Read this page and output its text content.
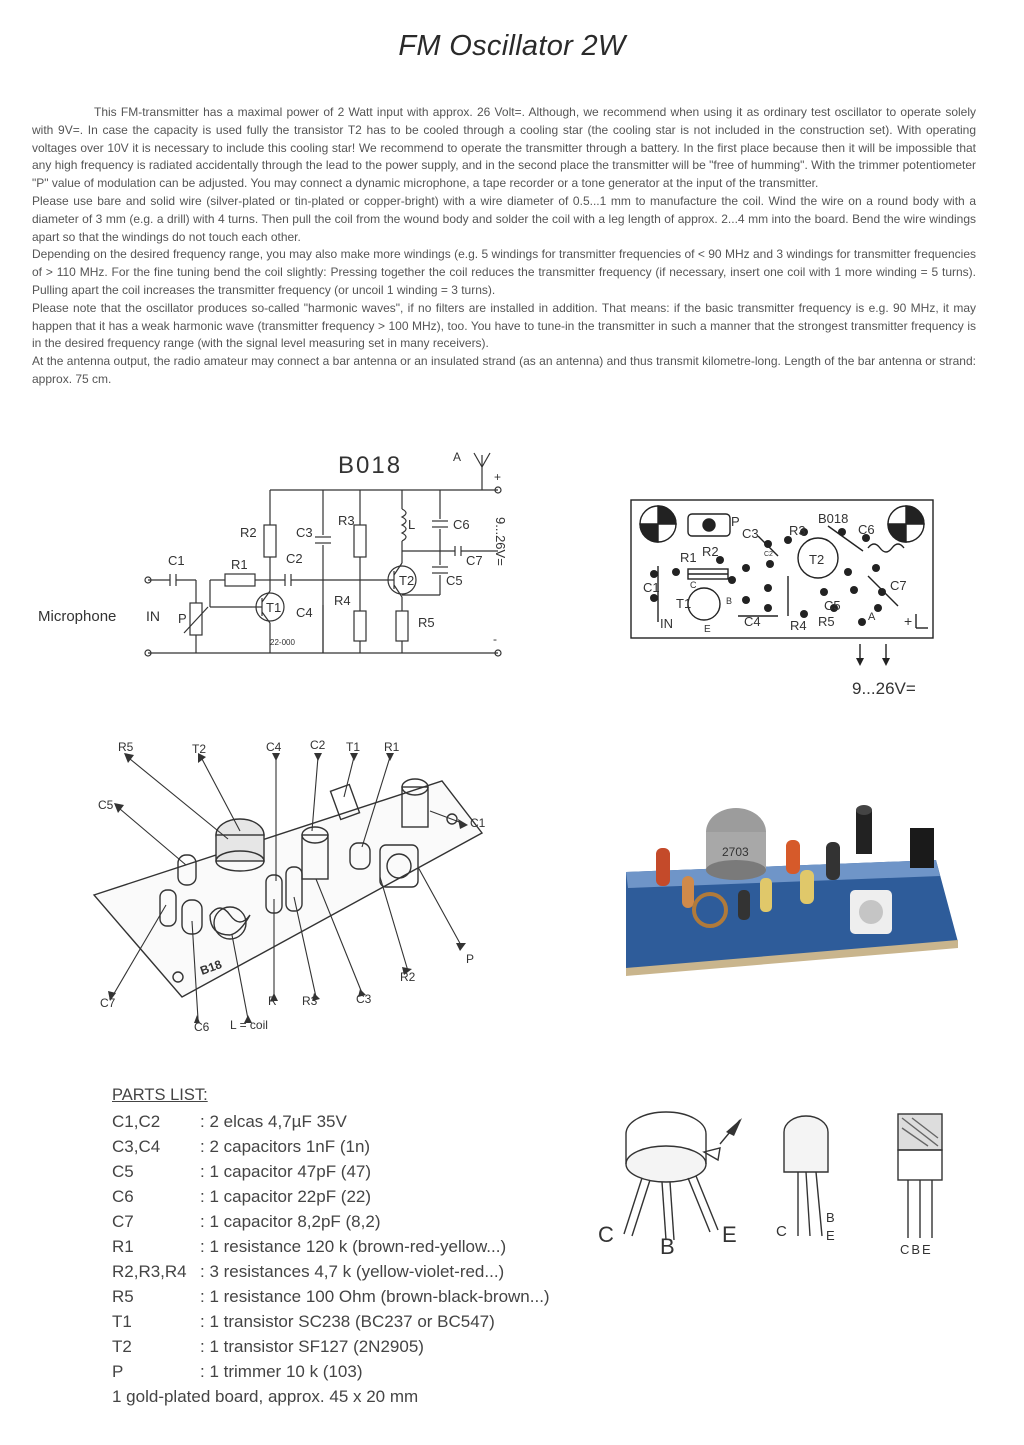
FM Oscillator 2W

This FM-transmitter has a maximal power of 2 Watt input with approx. 26 Volt=. Although, we recommend when using it as ordinary test oscillator to operate solely with 9V=. In case the capacity is used fully the transistor T2 has to be cooled through a cooling star (the cooling star is not included in the construction set). With operating voltages over 10V it is necessary to include this cooling star! We recommend to operate the transmitter through a battery. In the first place because then it will be impossible that any high frequency is radiated accidentally through the lead to the power supply, and in the second place the transmitter will be "free of humming". With the trimmer potentiometer "P" value of modulation can be adjusted. You may connect a dynamic microphone, a tape recorder or a tone generator at the input of the transmitter.

Please use bare and solid wire (silver-plated or tin-plated or copper-bright) with a wire diameter of 0.5...1 mm to manufacture the coil. Wind the wire on a round body with a diameter of 3 mm (e.g. a drill) with 4 turns. Then pull the coil from the wound body and solder the coil with a leg length of approx. 2...4 mm into the board. Bend the wire windings apart so that the windings do not touch each other.

Depending on the desired frequency range, you may also make more windings (e.g. 5 windings for transmitter frequencies of < 90 MHz and 3 windings for transmitter frequencies of > 110 MHz. For the fine tuning bend the coil slightly: Pressing together the coil reduces the transmitter frequency (if necessary, insert one coil with 1 more winding = 5 turns). Pulling apart the coil increases the transmitter frequency (or uncoil 1 winding = 3 turns).

Please note that the oscillator produces so-called "harmonic waves", if no filters are installed in addition. That means: if the basic transmitter frequency is e.g. 90 MHz, it may happen that it has a weak harmonic wave (transmitter frequency > 100 MHz), too. You have to tune-in the transmitter in such a manner that the strongest transmitter frequency is in the desired frequency range (with the signal level measuring set in many receivers).

At the antenna output, the radio amateur may connect a bar antenna or an insulated strand (as an antenna) and thus transmit kilometre-long. Length of the bar antenna or strand: approx. 75 cm.

B018	A
Microphone IN
C1	R1
P
R2	C3
C2
T1 C4
R3
R4
L
T2
R5
C5
C6
C7
22-000
+
-
9...26V=	B018
P
C3 R3	C6
R1 R2
T2
C1
T1
C7
IN	E
C4 R4 R5
C5
C
B
C2
A +
9...26V=
R5	T2	C4 C2 T1 R1
C5
C1
C7
C6 L = coil
R R3	C3
R2
P
B18
2703
PARTS LIST:
C1,C2	: 2 elcas 4,7µF 35V
C3,C4	: 2 capacitors 1nF (1n)
C5	: 1 capacitor 47pF (47)
C6	: 1 capacitor 22pF (22)
C7	: 1 capacitor 8,2pF (8,2)
R1	: 1 resistance 120 k (brown-red-yellow...)
R2,R3,R4 : 3 resistances 4,7 k (yellow-violet-red...)
R5	: 1 resistance 100 Ohm (brown-black-brown...)
T1	: 1 transistor SC238 (BC237 or BC547)
T2	: 1 transistor SF127 (2N2905)
P	: 1 trimmer 10 k (103)
1 gold-plated board, approx. 45 x 20 mm
C B E	C
B
E
CBE
